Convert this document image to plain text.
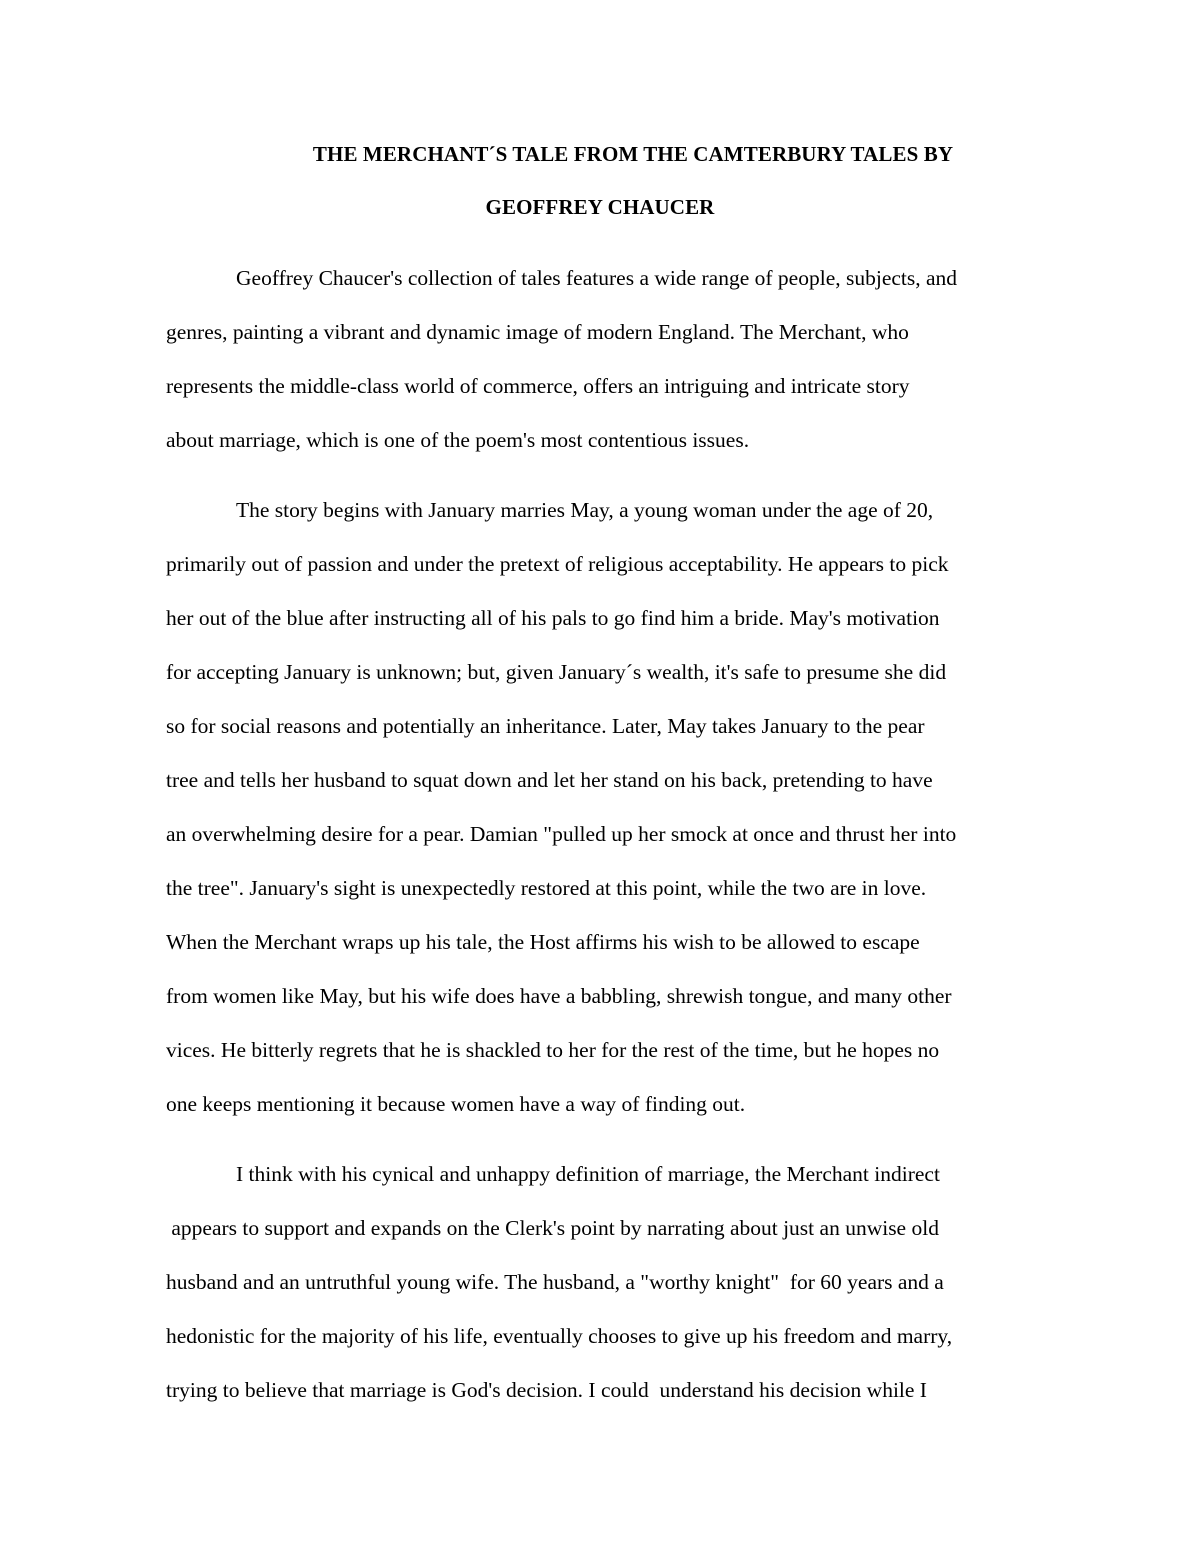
THE MERCHANT´S TALE FROM THE CAMTERBURY TALES BY
GEOFFREY CHAUCER
Geoffrey Chaucer's collection of tales features a wide range of people, subjects, and
genres, painting a vibrant and dynamic image of modern England. The Merchant, who
represents the middle-class world of commerce, offers an intriguing and intricate story
about marriage, which is one of the poem's most contentious issues.
The story begins with January marries May, a young woman under the age of 20,
primarily out of passion and under the pretext of religious acceptability. He appears to pick
her out of the blue after instructing all of his pals to go find him a bride. May's motivation
for accepting January is unknown; but, given January´s wealth, it's safe to presume she did
so for social reasons and potentially an inheritance. Later, May takes January to the pear
tree and tells her husband to squat down and let her stand on his back, pretending to have
an overwhelming desire for a pear. Damian "pulled up her smock at once and thrust her into
the tree". January's sight is unexpectedly restored at this point, while the two are in love.
When the Merchant wraps up his tale, the Host affirms his wish to be allowed to escape
from women like May, but his wife does have a babbling, shrewish tongue, and many other
vices. He bitterly regrets that he is shackled to her for the rest of the time, but he hopes no
one keeps mentioning it because women have a way of finding out.
I think with his cynical and unhappy definition of marriage, the Merchant indirect
appears to support and expands on the Clerk's point by narrating about just an unwise old
husband and an untruthful young wife. The husband, a "worthy knight"  for 60 years and a
hedonistic for the majority of his life, eventually chooses to give up his freedom and marry,
trying to believe that marriage is God's decision. I could  understand his decision while I
